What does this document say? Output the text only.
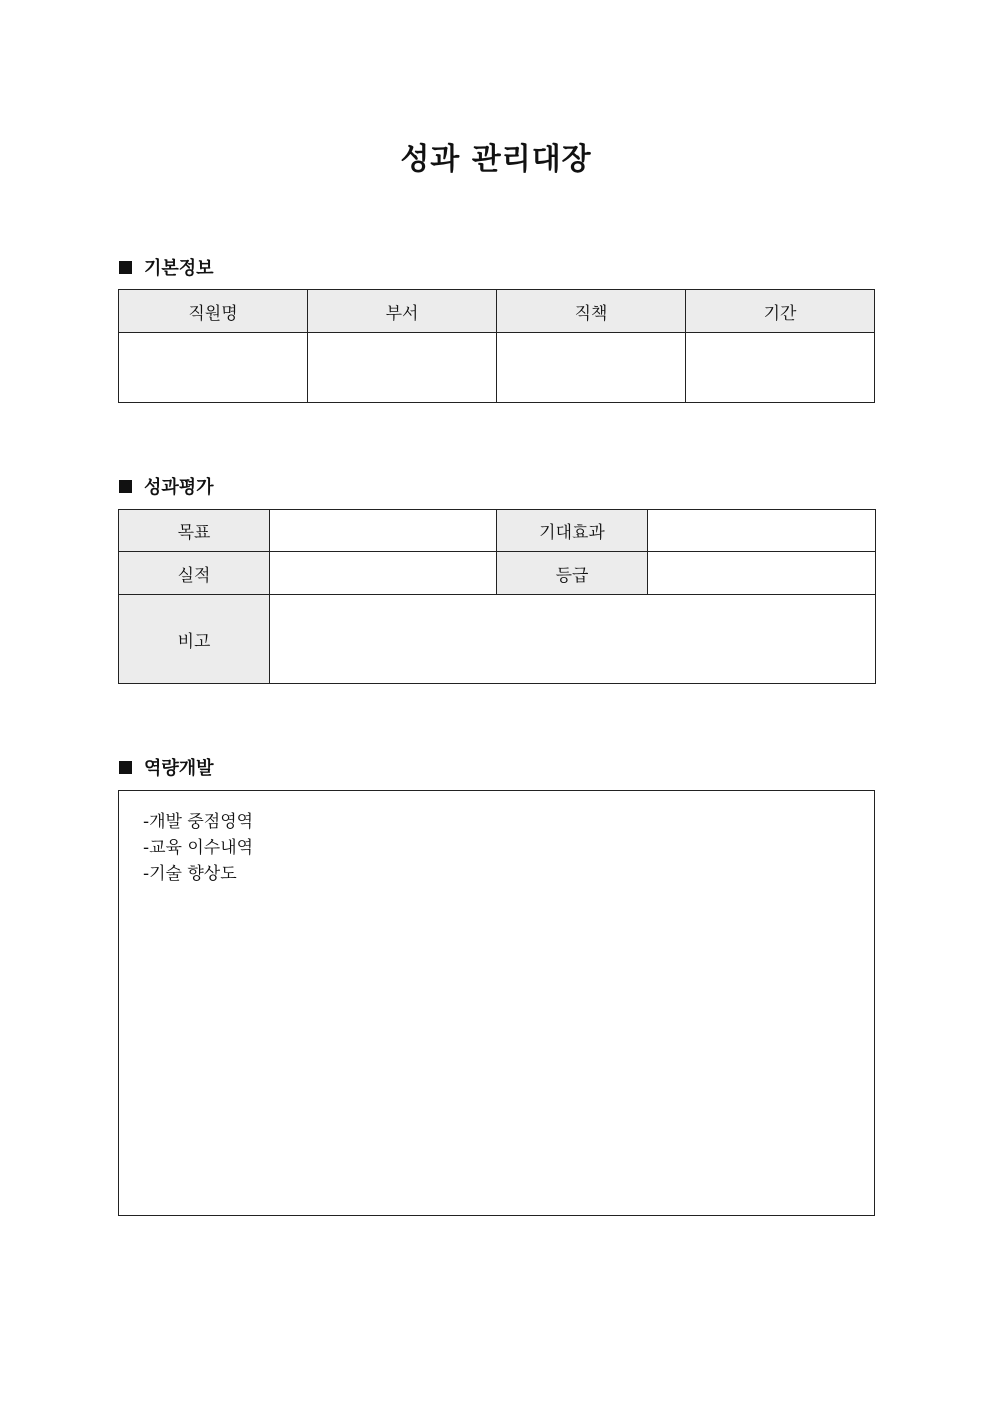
성과 관리대장
기본정보
직원명	부서	직책	기간

성과평가
목표		기대효과	
실적		등급	
비고			
역량개발
-개발 중점영역
-교육 이수내역
-기술 향상도
